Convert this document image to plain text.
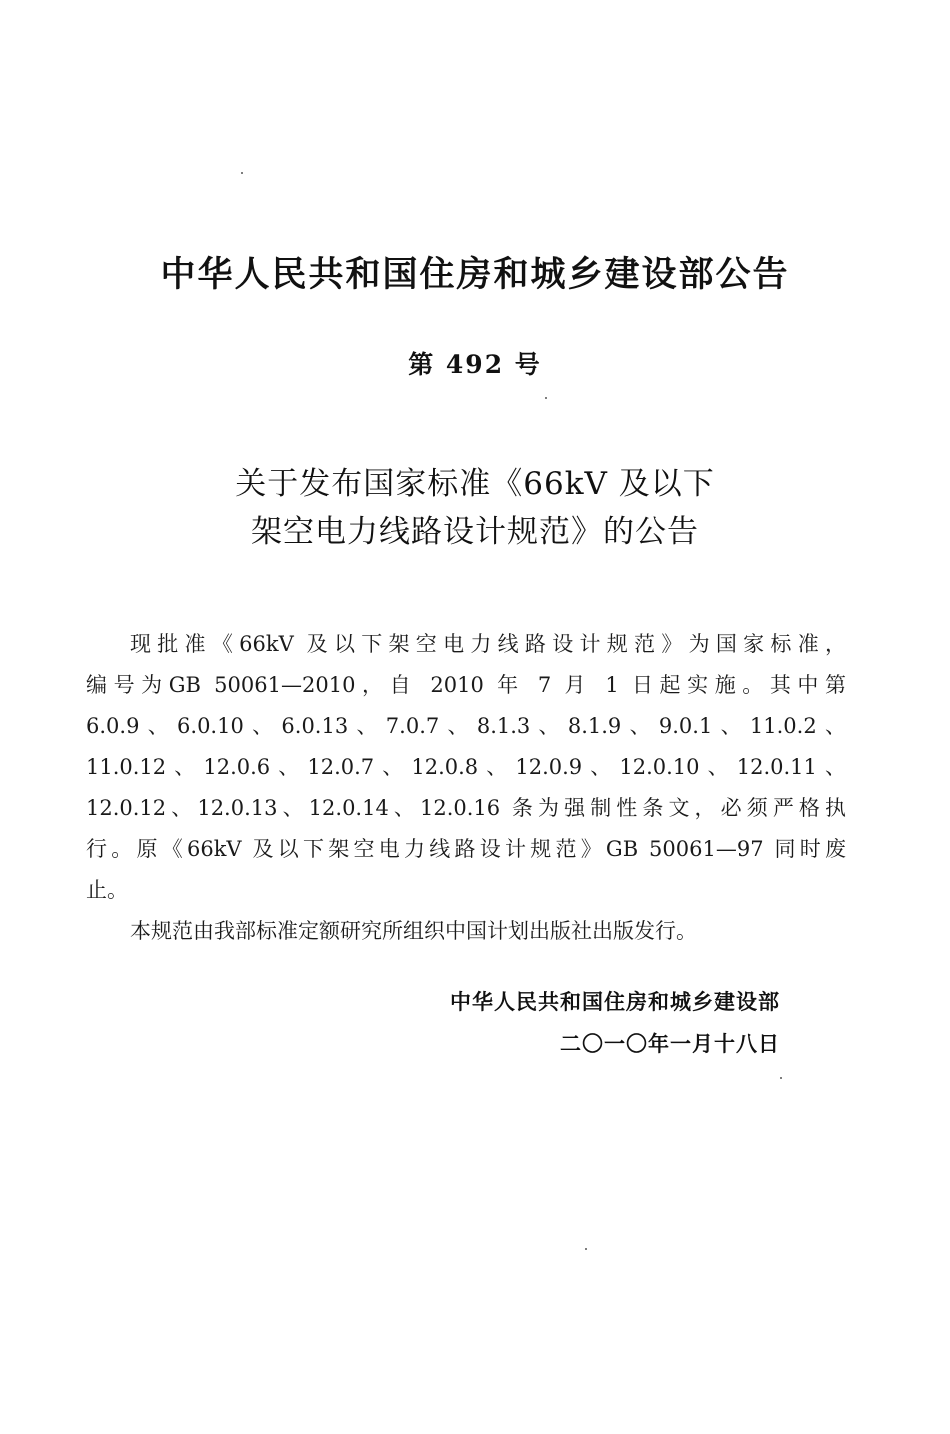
中华人民共和国住房和城乡建设部公告
第 492 号
关于发布国家标准《66kV 及以下
架空电力线路设计规范》的公告
现批准《66kV 及以下架空电力线路设计规范》为国家标准，
编号为GB 50061—2010，自 2010 年 7 月 1 日起实施。其中第
6.0.9、6.0.10、6.0.13、7.0.7、8.1.3、8.1.9、9.0.1、11.0.2、
11.0.12、12.0.6、12.0.7、12.0.8、12.0.9、12.0.10、12.0.11、
12.0.12、12.0.13、12.0.14、12.0.16 条为强制性条文，必须严格执
行。原《66kV 及以下架空电力线路设计规范》GB 50061—97 同时废
止。
本规范由我部标准定额研究所组织中国计划出版社出版发行。
中华人民共和国住房和城乡建设部
二〇一〇年一月十八日
